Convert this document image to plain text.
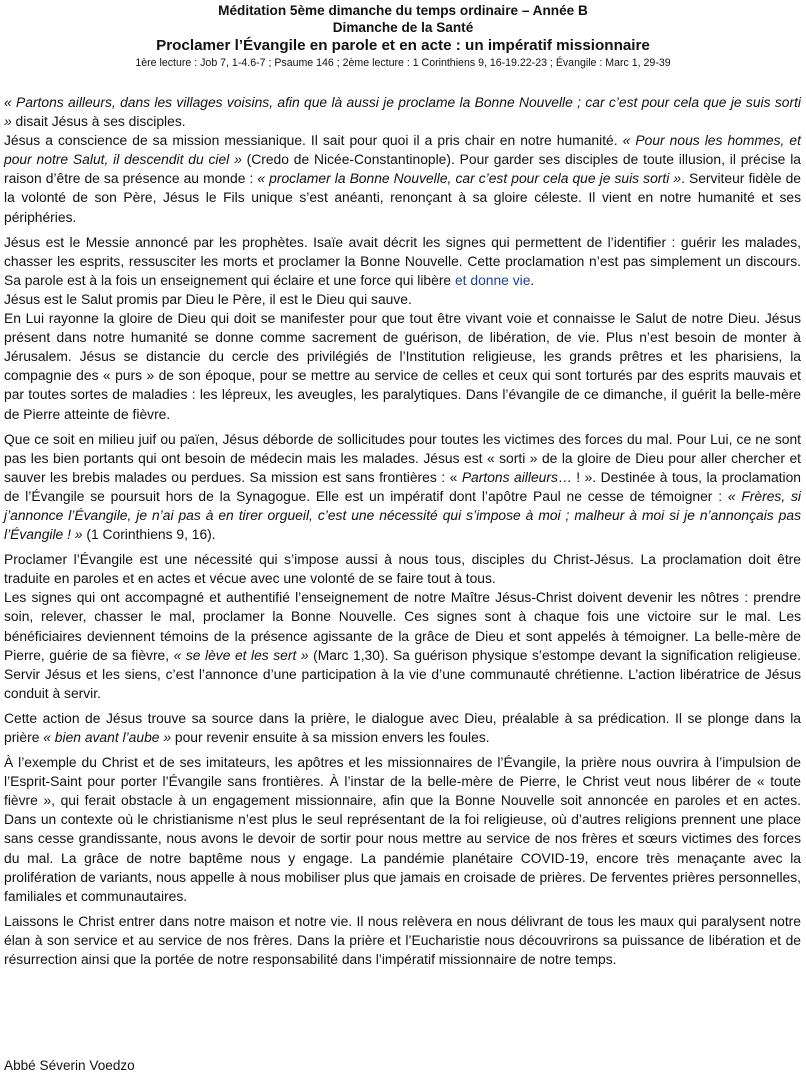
Méditation 5ème dimanche du temps ordinaire – Année B
Dimanche de la Santé
Proclamer l’Évangile en parole et en acte : un impératif missionnaire
1ère lecture : Job 7, 1-4.6-7 ; Psaume 146 ; 2ème lecture : 1 Corinthiens 9, 16-19.22-23 ; Évangile : Marc 1, 29-39

« Partons ailleurs, dans les villages voisins, afin que là aussi je proclame la Bonne Nouvelle ; car c’est pour cela que je suis sorti » disait Jésus à ses disciples.

Jésus a conscience de sa mission messianique. Il sait pour quoi il a pris chair en notre humanité. « Pour nous les hommes, et pour notre Salut, il descendit du ciel » (Credo de Nicée-Constantinople). Pour garder ses disciples de toute illusion, il précise la raison d’être de sa présence au monde : « proclamer la Bonne Nouvelle, car c’est pour cela que je suis sorti ». Serviteur fidèle de la volonté de son Père, Jésus le Fils unique s’est anéanti, renonçant à sa gloire céleste. Il vient en notre humanité et ses périphéries.

Jésus est le Messie annoncé par les prophètes. Isaïe avait décrit les signes qui permettent de l’identifier : guérir les malades, chasser les esprits, ressusciter les morts et proclamer la Bonne Nouvelle. Cette proclamation n’est pas simplement un discours. Sa parole est à la fois un enseignement qui éclaire et une force qui libère et donne vie.

Jésus est le Salut promis par Dieu le Père, il est le Dieu qui sauve.

En Lui rayonne la gloire de Dieu qui doit se manifester pour que tout être vivant voie et connaisse le Salut de notre Dieu. Jésus présent dans notre humanité se donne comme sacrement de guérison, de libération, de vie. Plus n’est besoin de monter à Jérusalem. Jésus se distancie du cercle des privilégiés de l’Institution religieuse, les grands prêtres et les pharisiens, la compagnie des « purs » de son époque, pour se mettre au service de celles et ceux qui sont torturés par des esprits mauvais et par toutes sortes de maladies : les lépreux, les aveugles, les paralytiques. Dans l’évangile de ce dimanche, il guérit la belle-mère de Pierre atteinte de fièvre.

Que ce soit en milieu juif ou païen, Jésus déborde de sollicitudes pour toutes les victimes des forces du mal. Pour Lui, ce ne sont pas les bien portants qui ont besoin de médecin mais les malades. Jésus est « sorti » de la gloire de Dieu pour aller chercher et sauver les brebis malades ou perdues. Sa mission est sans frontières : « Partons ailleurs… ! ». Destinée à tous, la proclamation de l’Évangile se poursuit hors de la Synagogue. Elle est un impératif dont l’apôtre Paul ne cesse de témoigner : « Frères, si j’annonce l’Évangile, je n’ai pas à en tirer orgueil, c’est une nécessité qui s’impose à moi ; malheur à moi si je n’annonçais pas l’Évangile ! » (1 Corinthiens 9, 16).

Proclamer l’Évangile est une nécessité qui s’impose aussi à nous tous, disciples du Christ-Jésus. La proclamation doit être traduite en paroles et en actes et vécue avec une volonté de se faire tout à tous.

Les signes qui ont accompagné et authentifié l’enseignement de notre Maître Jésus-Christ doivent devenir les nôtres : prendre soin, relever, chasser le mal, proclamer la Bonne Nouvelle. Ces signes sont à chaque fois une victoire sur le mal. Les bénéficiaires deviennent témoins de la présence agissante de la grâce de Dieu et sont appelés à témoigner. La belle-mère de Pierre, guérie de sa fièvre, « se lève et les sert » (Marc 1,30). Sa guérison physique s’estompe devant la signification religieuse. Servir Jésus et les siens, c’est l’annonce d’une participation à la vie d’une communauté chrétienne. L’action libératrice de Jésus conduit à servir.

Cette action de Jésus trouve sa source dans la prière, le dialogue avec Dieu, préalable à sa prédication. Il se plonge dans la prière « bien avant l’aube » pour revenir ensuite à sa mission envers les foules.

À l’exemple du Christ et de ses imitateurs, les apôtres et les missionnaires de l’Évangile, la prière nous ouvrira à l’impulsion de l’Esprit-Saint pour porter l’Évangile sans frontières. À l’instar de la belle-mère de Pierre, le Christ veut nous libérer de « toute fièvre », qui ferait obstacle à un engagement missionnaire, afin que la Bonne Nouvelle soit annoncée en paroles et en actes. Dans un contexte où le christianisme n’est plus le seul représentant de la foi religieuse, où d’autres religions prennent une place sans cesse grandissante, nous avons le devoir de sortir pour nous mettre au service de nos frères et sœurs victimes des forces du mal. La grâce de notre baptême nous y engage. La pandémie planétaire COVID-19, encore très menaçante avec la prolifération de variants, nous appelle à nous mobiliser plus que jamais en croisade de prières. De ferventes prières personnelles, familiales et communautaires.

Laissons le Christ entrer dans notre maison et notre vie. Il nous relèvera en nous délivrant de tous les maux qui paralysent notre élan à son service et au service de nos frères. Dans la prière et l’Eucharistie nous découvrirons sa puissance de libération et de résurrection ainsi que la portée de notre responsabilité dans l’impératif missionnaire de notre temps.

Abbé Séverin Voedzo
